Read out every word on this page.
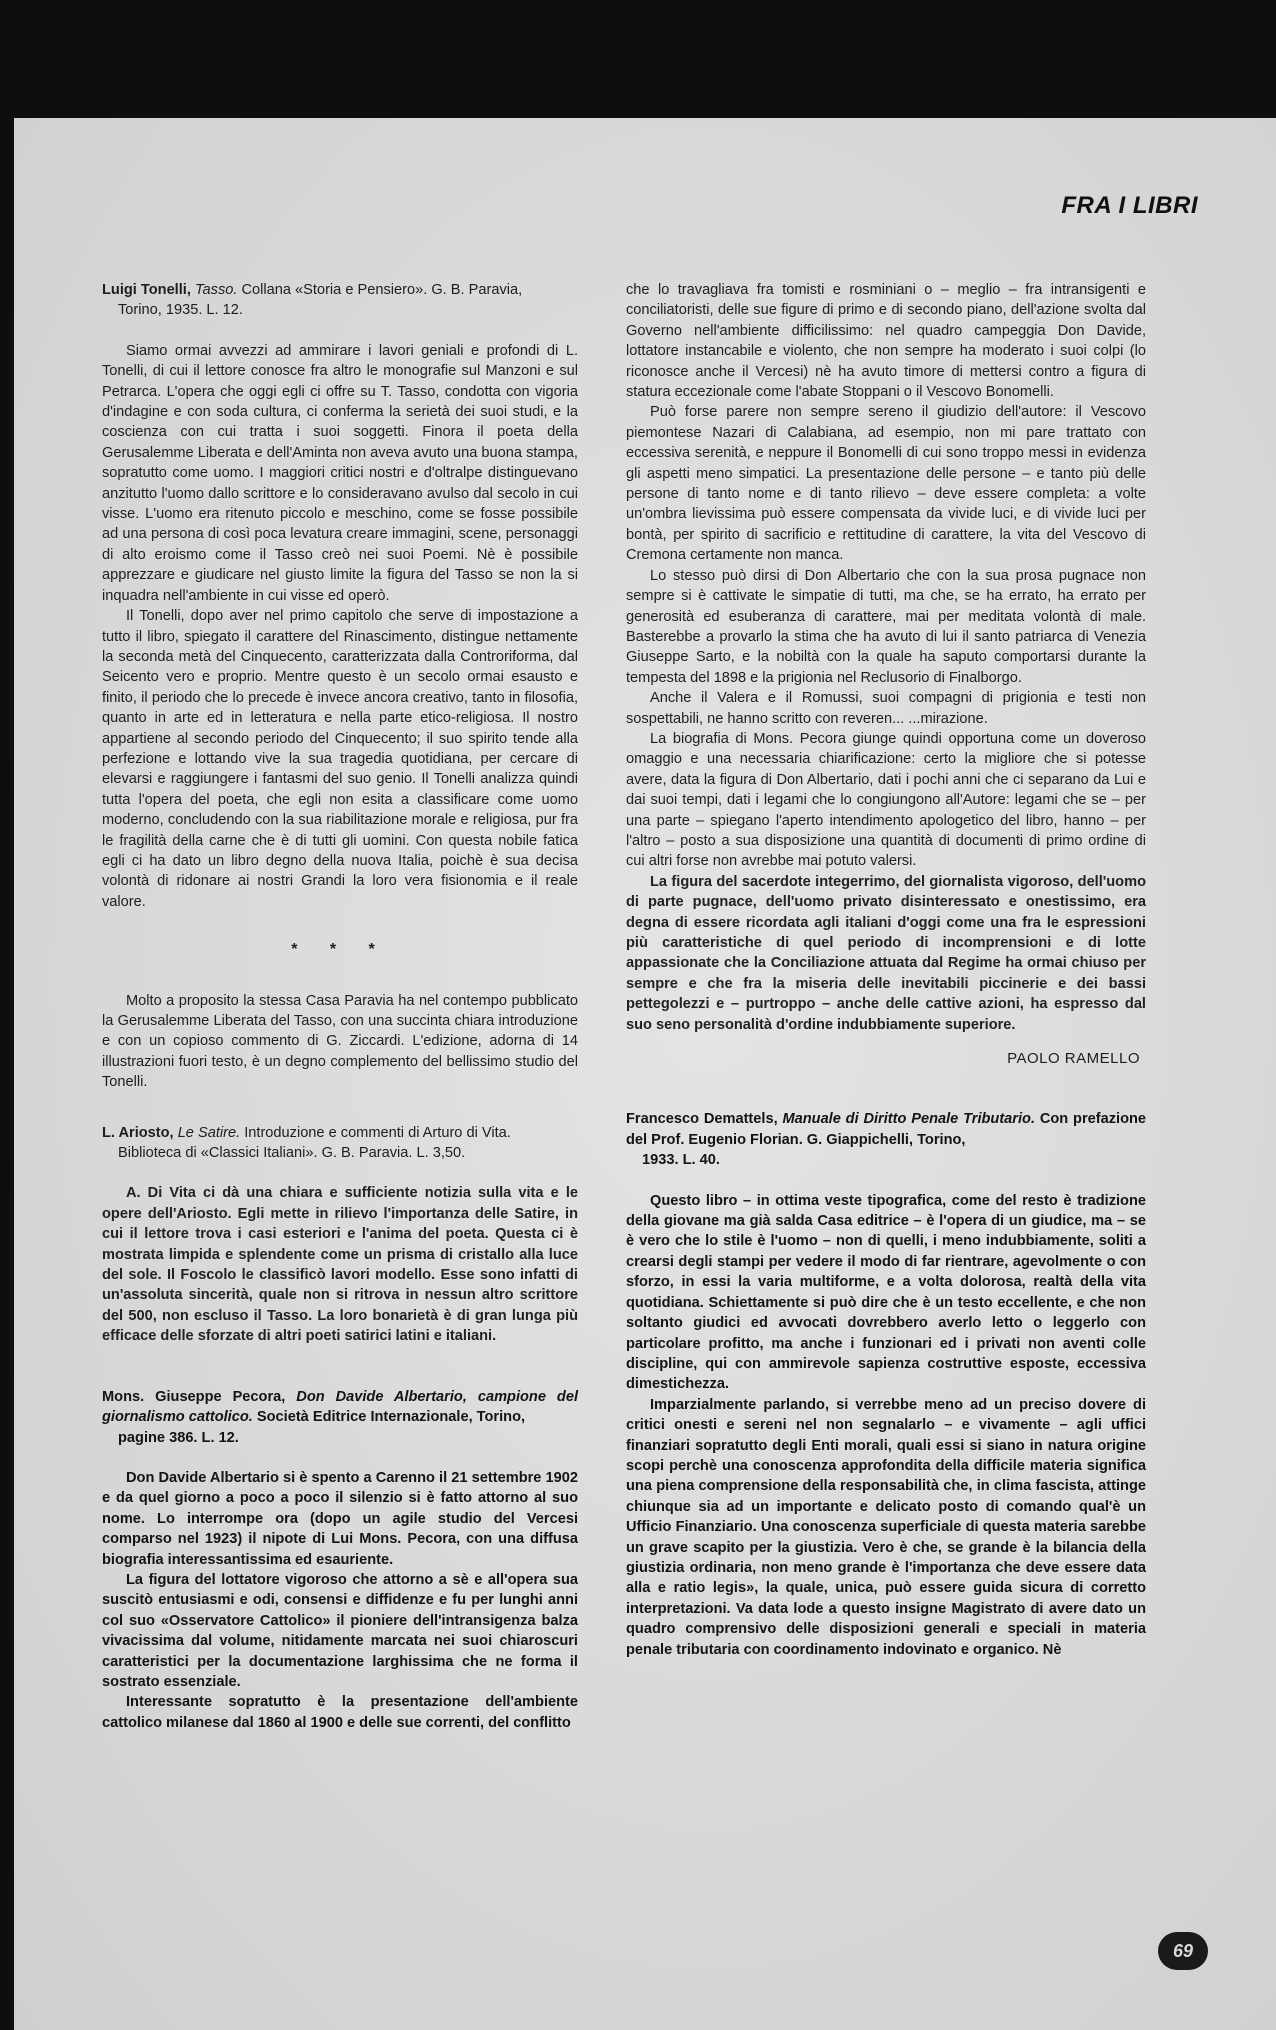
FRA I LIBRI

Luigi Tonelli, Tasso. Collana «Storia e Pensiero». G. B. Paravia,
Torino, 1935. L. 12.

Siamo ormai avvezzi ad ammirare i lavori geniali e profondi di L. Tonelli, di cui il lettore conosce fra altro le monografie sul Manzoni e sul Petrarca. L'opera che oggi egli ci offre su T. Tasso, condotta con vigoria d'indagine e con soda cultura, ci conferma la serietà dei suoi studi, e la coscienza con cui tratta i suoi soggetti. Finora il poeta della Gerusalemme Liberata e dell'Aminta non aveva avuto una buona stampa, sopratutto come uomo. I maggiori critici nostri e d'oltralpe distinguevano anzitutto l'uomo dallo scrittore e lo consideravano avulso dal secolo in cui visse. L'uomo era ritenuto piccolo e meschino, come se fosse possibile ad una persona di così poca levatura creare immagini, scene, personaggi di alto eroismo come il Tasso creò nei suoi Poemi. Nè è possibile apprezzare e giudicare nel giusto limite la figura del Tasso se non la si inquadra nell'ambiente in cui visse ed operò.

Il Tonelli, dopo aver nel primo capitolo che serve di impostazione a tutto il libro, spiegato il carattere del Rinascimento, distingue nettamente la seconda metà del Cinquecento, caratterizzata dalla Controriforma, dal Seicento vero e proprio. Mentre questo è un secolo ormai esausto e finito, il periodo che lo precede è invece ancora creativo, tanto in filosofia, quanto in arte ed in letteratura e nella parte etico-religiosa. Il nostro appartiene al secondo periodo del Cinquecento; il suo spirito tende alla perfezione e lottando vive la sua tragedia quotidiana, per cercare di elevarsi e raggiungere i fantasmi del suo genio. Il Tonelli analizza quindi tutta l'opera del poeta, che egli non esita a classificare come uomo moderno, concludendo con la sua riabilitazione morale e religiosa, pur fra le fragilità della carne che è di tutti gli uomini. Con questa nobile fatica egli ci ha dato un libro degno della nuova Italia, poichè è sua decisa volontà di ridonare ai nostri Grandi la loro vera fisionomia e il reale valore.

* * *

Molto a proposito la stessa Casa Paravia ha nel contempo pubblicato la Gerusalemme Liberata del Tasso, con una succinta chiara introduzione e con un copioso commento di G. Ziccardi. L'edizione, adorna di 14 illustrazioni fuori testo, è un degno complemento del bellissimo studio del Tonelli.

L. Ariosto, Le Satire. Introduzione e commenti di Arturo di Vita.
Biblioteca di «Classici Italiani». G. B. Paravia. L. 3,50.

A. Di Vita ci dà una chiara e sufficiente notizia sulla vita e le opere dell'Ariosto. Egli mette in rilievo l'importanza delle Satire, in cui il lettore trova i casi esteriori e l'anima del poeta. Questa ci è mostrata limpida e splendente come un prisma di cristallo alla luce del sole. Il Foscolo le classificò lavori modello. Esse sono infatti di un'assoluta sincerità, quale non si ritrova in nessun altro scrittore del 500, non escluso il Tasso. La loro bonarietà è di gran lunga più efficace delle sforzate di altri poeti satirici latini e italiani.

Mons. Giuseppe Pecora, Don Davide Albertario, campione del giornalismo cattolico. Società Editrice Internazionale, Torino,
pagine 386. L. 12.

Don Davide Albertario si è spento a Carenno il 21 settembre 1902 e da quel giorno a poco a poco il silenzio si è fatto attorno al suo nome. Lo interrompe ora (dopo un agile studio del Vercesi comparso nel 1923) il nipote di Lui Mons. Pecora, con una diffusa biografia interessantissima ed esauriente.

La figura del lottatore vigoroso che attorno a sè e all'opera sua suscitò entusiasmi e odi, consensi e diffidenze e fu per lunghi anni col suo «Osservatore Cattolico» il pioniere dell'intransigenza balza vivacissima dal volume, nitidamente marcata nei suoi chiaroscuri caratteristici per la documentazione larghissima che ne forma il sostrato essenziale.

Interessante sopratutto è la presentazione dell'ambiente cattolico milanese dal 1860 al 1900 e delle sue correnti, del conflitto

che lo travagliava fra tomisti e rosminiani o – meglio – fra intransigenti e conciliatoristi, delle sue figure di primo e di secondo piano, dell'azione svolta dal Governo nell'ambiente difficilissimo: nel quadro campeggia Don Davide, lottatore instancabile e violento, che non sempre ha moderato i suoi colpi (lo riconosce anche il Vercesi) nè ha avuto timore di mettersi contro a figura di statura eccezionale come l'abate Stoppani o il Vescovo Bonomelli.

Può forse parere non sempre sereno il giudizio dell'autore: il Vescovo piemontese Nazari di Calabiana, ad esempio, non mi pare trattato con eccessiva serenità, e neppure il Bonomelli di cui sono troppo messi in evidenza gli aspetti meno simpatici. La presentazione delle persone – e tanto più delle persone di tanto nome e di tanto rilievo – deve essere completa: a volte un'ombra lievissima può essere compensata da vivide luci, e di vivide luci per bontà, per spirito di sacrificio e rettitudine di carattere, la vita del Vescovo di Cremona certamente non manca.

Lo stesso può dirsi di Don Albertario che con la sua prosa pugnace non sempre si è cattivate le simpatie di tutti, ma che, se ha errato, ha errato per generosità ed esuberanza di carattere, mai per meditata volontà di male. Basterebbe a provarlo la stima che ha avuto di lui il santo patriarca di Venezia Giuseppe Sarto, e la nobiltà con la quale ha saputo comportarsi durante la tempesta del 1898 e la prigionia nel Reclusorio di Finalborgo.

Anche il Valera e il Romussi, suoi compagni di prigionia e testi non sospettabili, ne hanno scritto con reveren... ...mirazione.

La biografia di Mons. Pecora giunge quindi opportuna come un doveroso omaggio e una necessaria chiarificazione: certo la migliore che si potesse avere, data la figura di Don Albertario, dati i pochi anni che ci separano da Lui e dai suoi tempi, dati i legami che lo congiungono all'Autore: legami che se – per una parte – spiegano l'aperto intendimento apologetico del libro, hanno – per l'altro – posto a sua disposizione una quantità di documenti di primo ordine di cui altri forse non avrebbe mai potuto valersi.

La figura del sacerdote integerrimo, del giornalista vigoroso, dell'uomo di parte pugnace, dell'uomo privato disinteressato e onestissimo, era degna di essere ricordata agli italiani d'oggi come una fra le espressioni più caratteristiche di quel periodo di incomprensioni e di lotte appassionate che la Conciliazione attuata dal Regime ha ormai chiuso per sempre e che fra la miseria delle inevitabili piccinerie e dei bassi pettegolezzi e – purtroppo – anche delle cattive azioni, ha espresso dal suo seno personalità d'ordine indubbiamente superiore.

PAOLO RAMELLO

Francesco Demattels, Manuale di Diritto Penale Tributario. Con prefazione del Prof. Eugenio Florian. G. Giappichelli, Torino,
1933. L. 40.

Questo libro – in ottima veste tipografica, come del resto è tradizione della giovane ma già salda Casa editrice – è l'opera di un giudice, ma – se è vero che lo stile è l'uomo – non di quelli, i meno indubbiamente, soliti a crearsi degli stampi per vedere il modo di far rientrare, agevolmente o con sforzo, in essi la varia multiforme, e a volta dolorosa, realtà della vita quotidiana. Schiettamente si può dire che è un testo eccellente, e che non soltanto giudici ed avvocati dovrebbero averlo letto o leggerlo con particolare profitto, ma anche i funzionari ed i privati non aventi colle discipline, qui con ammirevole sapienza costruttive esposte, eccessiva dimestichezza.

Imparzialmente parlando, si verrebbe meno ad un preciso dovere di critici onesti e sereni nel non segnalarlo – e vivamente – agli uffici finanziari sopratutto degli Enti morali, quali essi si siano in natura origine scopi perchè una conoscenza approfondita della difficile materia significa una piena comprensione della responsabilità che, in clima fascista, attinge chiunque sia ad un importante e delicato posto di comando qual'è un Ufficio Finanziario. Una conoscenza superficiale di questa materia sarebbe un grave scapito per la giustizia. Vero è che, se grande è la bilancia della giustizia ordinaria, non meno grande è l'importanza che deve essere data alla e ratio legis», la quale, unica, può essere guida sicura di corretto interpretazioni. Va data lode a questo insigne Magistrato di avere dato un quadro comprensivo delle disposizioni generali e speciali in materia penale tributaria con coordinamento indovinato e organico. Nè

69
